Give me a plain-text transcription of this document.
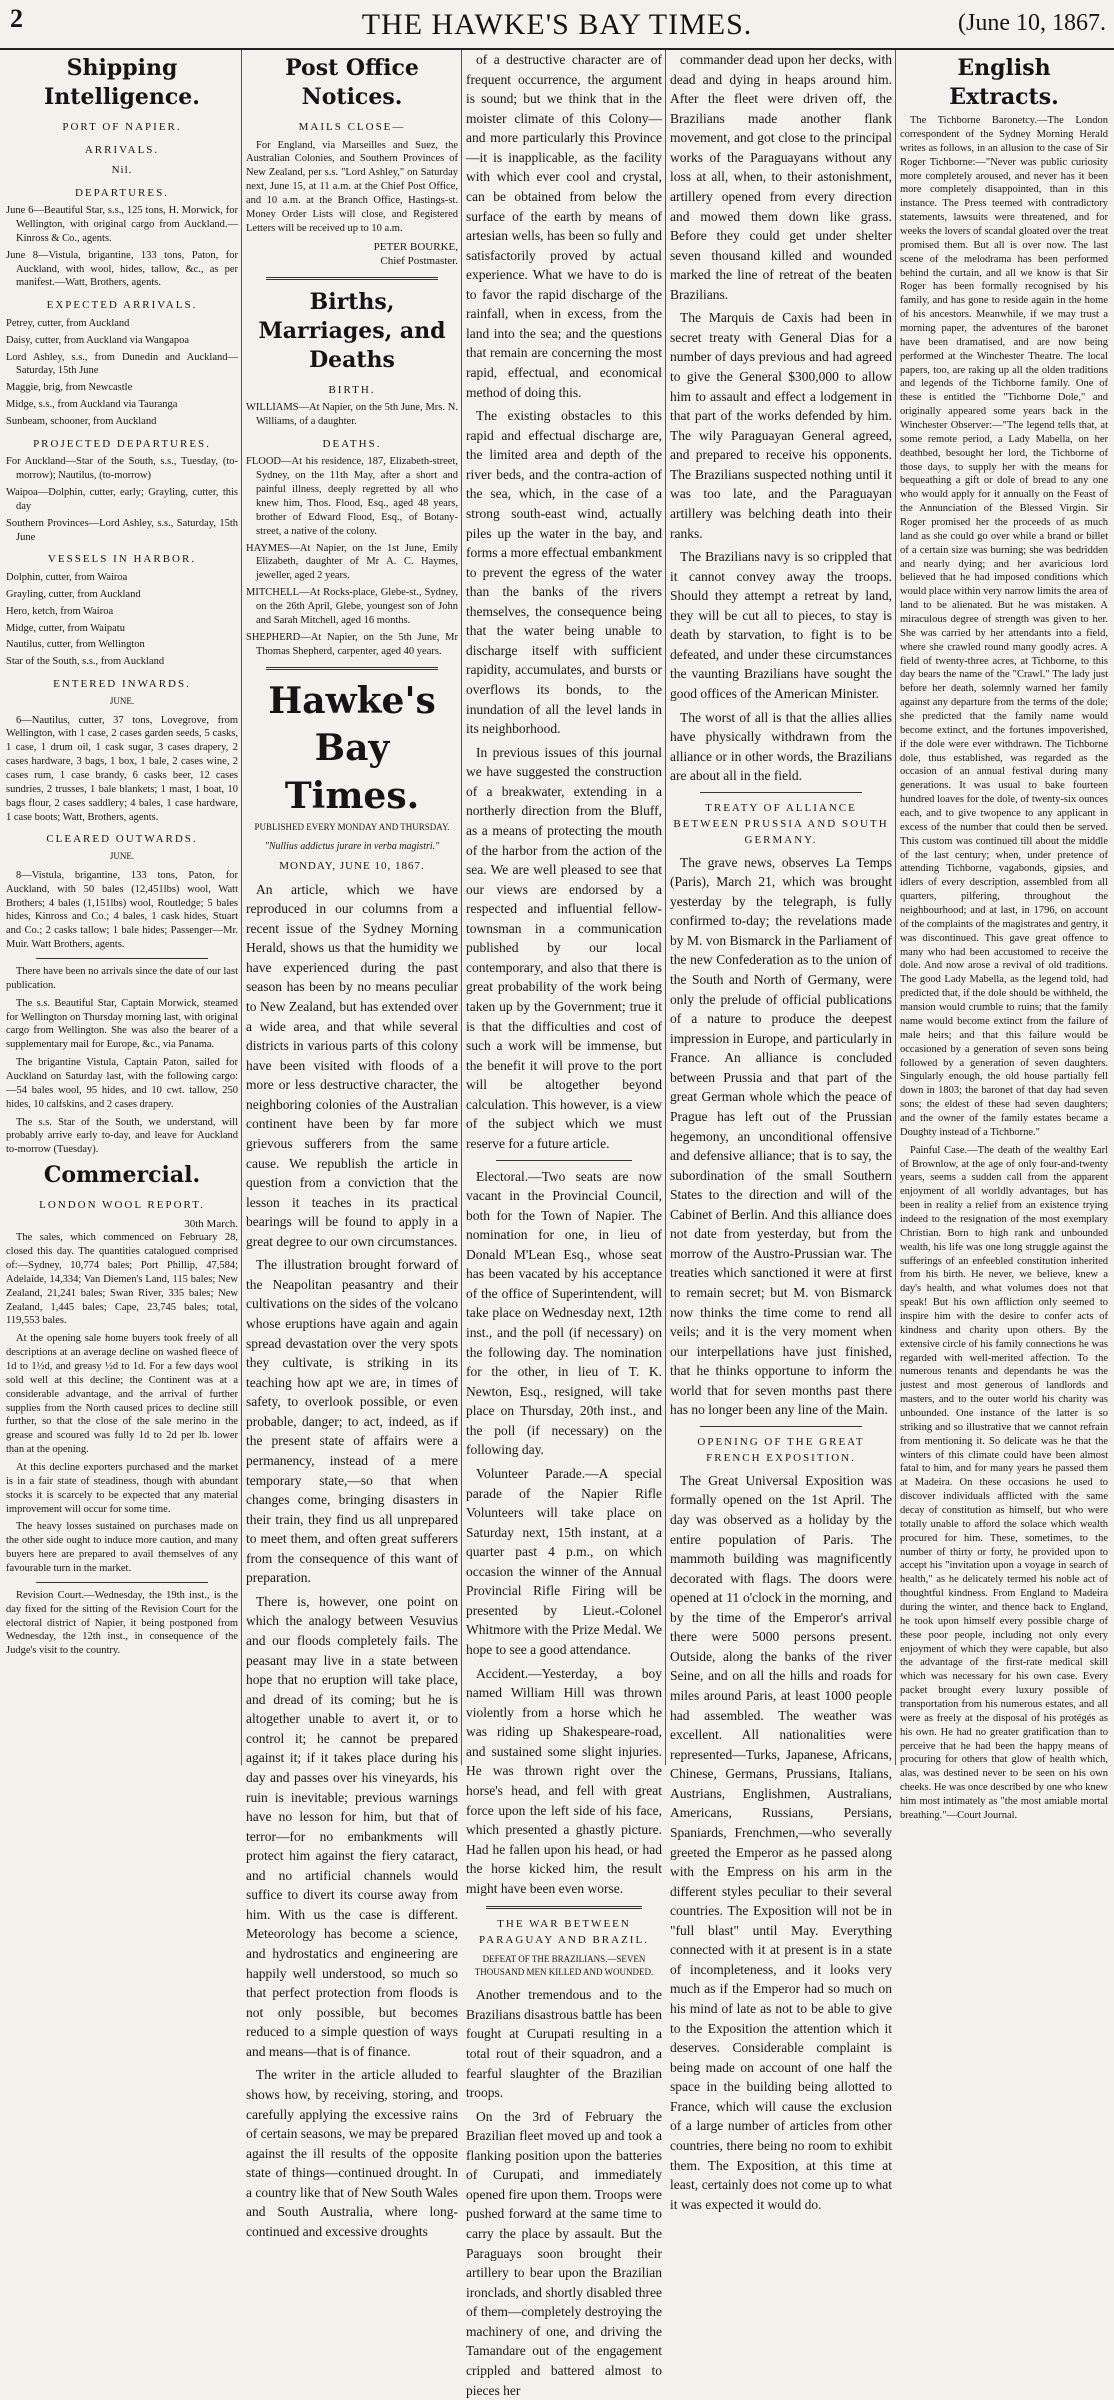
2	THE HAWKE'S BAY TIMES.	(June 10, 1867.
Shipping Intelligence.
PORT OF NAPIER.
ARRIVALS.
Nil.
DEPARTURES.

June 6—Beautiful Star, s.s., 125 tons, H. Morwick, for Wellington, with original cargo from Auckland.—Kinross & Co., agents.

June 8—Vistula, brigantine, 133 tons, Paton, for Auckland, with wool, hides, tallow, &c., as per manifest.—Watt, Brothers, agents.

EXPECTED ARRIVALS.

Petrey, cutter, from Auckland

Daisy, cutter, from Auckland via Wangapoa

Lord Ashley, s.s., from Dunedin and Auckland—Saturday, 15th June

Maggie, brig, from Newcastle

Midge, s.s., from Auckland via Tauranga

Sunbeam, schooner, from Auckland

PROJECTED DEPARTURES.

For Auckland—Star of the South, s.s., Tuesday, (to-morrow); Nautilus, (to-morrow)

Waipoa—Dolphin, cutter, early; Grayling, cutter, this day

Southern Provinces—Lord Ashley, s.s., Saturday, 15th June

VESSELS IN HARBOR.

Dolphin, cutter, from Wairoa

Grayling, cutter, from Auckland

Hero, ketch, from Wairoa

Midge, cutter, from Waipatu

Nautilus, cutter, from Wellington

Star of the South, s.s., from Auckland

ENTERED INWARDS.
JUNE.

6—Nautilus, cutter, 37 tons, Lovegrove, from Wellington, with 1 case, 2 cases garden seeds, 5 casks, 1 case, 1 drum oil, 1 cask sugar, 3 cases drapery, 2 cases hardware, 3 bags, 1 box, 1 bale, 2 cases wine, 2 cases rum, 1 case brandy, 6 casks beer, 12 cases sundries, 2 trusses, 1 bale blankets; 1 mast, 1 boat, 10 bags flour, 2 cases saddlery; 4 bales, 1 case hardware, 1 case boots; Watt, Brothers, agents.

CLEARED OUTWARDS.
JUNE.

8—Vistula, brigantine, 133 tons, Paton, for Auckland, with 50 bales (12,451lbs) wool, Watt Brothers; 4 bales (1,151lbs) wool, Routledge; 5 bales hides, Kinross and Co.; 4 bales, 1 cask hides, Stuart and Co.; 2 casks tallow; 1 bale hides; Passenger—Mr. Muir. Watt Brothers, agents.

There have been no arrivals since the date of our last publication.

The s.s. Beautiful Star, Captain Morwick, steamed for Wellington on Thursday morning last, with original cargo from Wellington. She was also the bearer of a supplementary mail for Europe, &c., via Panama.

The brigantine Vistula, Captain Paton, sailed for Auckland on Saturday last, with the following cargo:—54 bales wool, 95 hides, and 10 cwt. tallow, 250 hides, 10 calfskins, and 2 cases drapery.

The s.s. Star of the South, we understand, will probably arrive early to-day, and leave for Auckland to-morrow (Tuesday).

Commercial.
LONDON WOOL REPORT.
30th March.

The sales, which commenced on February 28, closed this day. The quantities catalogued comprised of:—Sydney, 10,774 bales; Port Phillip, 47,584; Adelaide, 14,334; Van Diemen's Land, 115 bales; New Zealand, 21,241 bales; Swan River, 335 bales; New Zealand, 1,445 bales; Cape, 23,745 bales; total, 119,553 bales.

At the opening sale home buyers took freely of all descriptions at an average decline on washed fleece of 1d to 1½d, and greasy ½d to 1d. For a few days wool sold well at this decline; the Continent was at a considerable advantage, and the arrival of further supplies from the North caused prices to decline still further, so that the close of the sale merino in the grease and scoured was fully 1d to 2d per lb. lower than at the opening.

At this decline exporters purchased and the market is in a fair state of steadiness, though with abundant stocks it is scarcely to be expected that any material improvement will occur for some time.

The heavy losses sustained on purchases made on the other side ought to induce more caution, and many buyers here are prepared to avail themselves of any favourable turn in the market.

Revision Court.—Wednesday, the 19th inst., is the day fixed for the sitting of the Revision Court for the electoral district of Napier, it being postponed from Wednesday, the 12th inst., in consequence of the Judge's visit to the country.

Post Office Notices.
MAILS CLOSE—

For England, via Marseilles and Suez, the Australian Colonies, and Southern Provinces of New Zealand, per s.s. "Lord Ashley," on Saturday next, June 15, at 11 a.m. at the Chief Post Office, and 10 a.m. at the Branch Office, Hastings-st. Money Order Lists will close, and Registered Letters will be received up to 10 a.m.

PETER BOURKE,
Chief Postmaster.
Births, Marriages, and Deaths
BIRTH.

WILLIAMS—At Napier, on the 5th June, Mrs. N. Williams, of a daughter.

DEATHS.

FLOOD—At his residence, 187, Elizabeth-street, Sydney, on the 11th May, after a short and painful illness, deeply regretted by all who knew him, Thos. Flood, Esq., aged 48 years, brother of Edward Flood, Esq., of Botany-street, a native of the colony.

HAYMES—At Napier, on the 1st June, Emily Elizabeth, daughter of Mr A. C. Haymes, jeweller, aged 2 years.

MITCHELL—At Rocks-place, Glebe-st., Sydney, on the 26th April, Glebe, youngest son of John and Sarah Mitchell, aged 16 months.

SHEPHERD—At Napier, on the 5th June, Mr Thomas Shepherd, carpenter, aged 40 years.

Hawke's Bay Times.
PUBLISHED EVERY MONDAY AND THURSDAY.
"Nullius addictus jurare in verba magistri."
MONDAY, JUNE 10, 1867.

An article, which we have reproduced in our columns from a recent issue of the Sydney Morning Herald, shows us that the humidity we have experienced during the past season has been by no means peculiar to New Zealand, but has extended over a wide area, and that while several districts in various parts of this colony have been visited with floods of a more or less destructive character, the neighboring colonies of the Australian continent have been by far more grievous sufferers from the same cause. We republish the article in question from a conviction that the lesson it teaches in its practical bearings will be found to apply in a great degree to our own circumstances.

The illustration brought forward of the Neapolitan peasantry and their cultivations on the sides of the volcano whose eruptions have again and again spread devastation over the very spots they cultivate, is striking in its teaching how apt we are, in times of safety, to overlook possible, or even probable, danger; to act, indeed, as if the present state of affairs were a permanency, instead of a mere temporary state,—so that when changes come, bringing disasters in their train, they find us all unprepared to meet them, and often great sufferers from the consequence of this want of preparation.

There is, however, one point on which the analogy between Vesuvius and our floods completely fails. The peasant may live in a state between hope that no eruption will take place, and dread of its coming; but he is altogether unable to avert it, or to control it; he cannot be prepared against it; if it takes place during his day and passes over his vineyards, his ruin is inevitable; previous warnings have no lesson for him, but that of terror—for no embankments will protect him against the fiery cataract, and no artificial channels would suffice to divert its course away from him. With us the case is different. Meteorology has become a science, and hydrostatics and engineering are happily well understood, so much so that perfect protection from floods is not only possible, but becomes reduced to a simple question of ways and means—that is of finance.

The writer in the article alluded to shows how, by receiving, storing, and carefully applying the excessive rains of certain seasons, we may be prepared against the ill results of the opposite state of things—continued drought. In a country like that of New South Wales and South Australia, where long-continued and excessive droughts

of a destructive character are of frequent occurrence, the argument is sound; but we think that in the moister climate of this Colony—and more particularly this Province—it is inapplicable, as the facility with which ever cool and crystal, can be obtained from below the surface of the earth by means of artesian wells, has been so fully and satisfactorily proved by actual experience. What we have to do is to favor the rapid discharge of the rainfall, when in excess, from the land into the sea; and the questions that remain are concerning the most rapid, effectual, and economical method of doing this.

The existing obstacles to this rapid and effectual discharge are, the limited area and depth of the river beds, and the contra-action of the sea, which, in the case of a strong south-east wind, actually piles up the water in the bay, and forms a more effectual embankment to prevent the egress of the water than the banks of the rivers themselves, the consequence being that the water being unable to discharge itself with sufficient rapidity, accumulates, and bursts or overflows its bonds, to the inundation of all the level lands in its neighborhood.

In previous issues of this journal we have suggested the construction of a breakwater, extending in a northerly direction from the Bluff, as a means of protecting the mouth of the harbor from the action of the sea. We are well pleased to see that our views are endorsed by a respected and influential fellow-townsman in a communication published by our local contemporary, and also that there is great probability of the work being taken up by the Government; true it is that the difficulties and cost of such a work will be immense, but the benefit it will prove to the port will be altogether beyond calculation. This however, is a view of the subject which we must reserve for a future article.

Electoral.—Two seats are now vacant in the Provincial Council, both for the Town of Napier. The nomination for one, in lieu of Donald M'Lean Esq., whose seat has been vacated by his acceptance of the office of Superintendent, will take place on Wednesday next, 12th inst., and the poll (if necessary) on the following day. The nomination for the other, in lieu of T. K. Newton, Esq., resigned, will take place on Thursday, 20th inst., and the poll (if necessary) on the following day.

Volunteer Parade.—A special parade of the Napier Rifle Volunteers will take place on Saturday next, 15th instant, at a quarter past 4 p.m., on which occasion the winner of the Annual Provincial Rifle Firing will be presented by Lieut.-Colonel Whitmore with the Prize Medal. We hope to see a good attendance.

Accident.—Yesterday, a boy named William Hill was thrown violently from a horse which he was riding up Shakespeare-road, and sustained some slight injuries. He was thrown right over the horse's head, and fell with great force upon the left side of his face, which presented a ghastly picture. Had he fallen upon his head, or had the horse kicked him, the result might have been even worse.

THE WAR BETWEEN PARAGUAY AND BRAZIL.
DEFEAT OF THE BRAZILIANS.—SEVEN THOUSAND MEN KILLED AND WOUNDED.

Another tremendous and to the Brazilians disastrous battle has been fought at Curupati resulting in a total rout of their squadron, and a fearful slaughter of the Brazilian troops.

On the 3rd of February the Brazilian fleet moved up and took a flanking position upon the batteries of Curupati, and immediately opened fire upon them. Troops were pushed forward at the same time to carry the place by assault. But the Paraguays soon brought their artillery to bear upon the Brazilian ironclads, and shortly disabled three of them—completely destroying the machinery of one, and driving the Tamandare out of the engagement crippled and battered almost to pieces her

commander dead upon her decks, with dead and dying in heaps around him. After the fleet were driven off, the Brazilians made another flank movement, and got close to the principal works of the Paraguayans without any loss at all, when, to their astonishment, artillery opened from every direction and mowed them down like grass. Before they could get under shelter seven thousand killed and wounded marked the line of retreat of the beaten Brazilians.

The Marquis de Caxis had been in secret treaty with General Dias for a number of days previous and had agreed to give the General $300,000 to allow him to assault and effect a lodgement in that part of the works defended by him. The wily Paraguayan General agreed, and prepared to receive his opponents. The Brazilians suspected nothing until it was too late, and the Paraguayan artillery was belching death into their ranks.

The Brazilians navy is so crippled that it cannot convey away the troops. Should they attempt a retreat by land, they will be cut all to pieces, to stay is death by starvation, to fight is to be defeated, and under these circumstances the vaunting Brazilians have sought the good offices of the American Minister.

The worst of all is that the allies allies have physically withdrawn from the alliance or in other words, the Brazilians are about all in the field.

TREATY OF ALLIANCE BETWEEN PRUSSIA AND SOUTH GERMANY.

The grave news, observes La Temps (Paris), March 21, which was brought yesterday by the telegraph, is fully confirmed to-day; the revelations made by M. von Bismarck in the Parliament of the new Confederation as to the union of the South and North of Germany, were only the prelude of official publications of a nature to produce the deepest impression in Europe, and particularly in France. An alliance is concluded between Prussia and that part of the great German whole which the peace of Prague has left out of the Prussian hegemony, an unconditional offensive and defensive alliance; that is to say, the subordination of the small Southern States to the direction and will of the Cabinet of Berlin. And this alliance does not date from yesterday, but from the morrow of the Austro-Prussian war. The treaties which sanctioned it were at first to remain secret; but M. von Bismarck now thinks the time come to rend all veils; and it is the very moment when our interpellations have just finished, that he thinks opportune to inform the world that for seven months past there has no longer been any line of the Main.

OPENING OF THE GREAT FRENCH EXPOSITION.

The Great Universal Exposition was formally opened on the 1st April. The day was observed as a holiday by the entire population of Paris. The mammoth building was magnificently decorated with flags. The doors were opened at 11 o'clock in the morning, and by the time of the Emperor's arrival there were 5000 persons present. Outside, along the banks of the river Seine, and on all the hills and roads for miles around Paris, at least 1000 people had assembled. The weather was excellent. All nationalities were represented—Turks, Japanese, Africans, Chinese, Germans, Prussians, Italians, Austrians, Englishmen, Australians, Americans, Russians, Persians, Spaniards, Frenchmen,—who severally greeted the Emperor as he passed along with the Empress on his arm in the different styles peculiar to their several countries. The Exposition will not be in "full blast" until May. Everything connected with it at present is in a state of incompleteness, and it looks very much as if the Emperor had so much on his mind of late as not to be able to give to the Exposition the attention which it deserves. Considerable complaint is being made on account of one half the space in the building being allotted to France, which will cause the exclusion of a large number of articles from other countries, there being no room to exhibit them. The Exposition, at this time at least, certainly does not come up to what it was expected it would do.

English Extracts.

The Tichborne Baronetcy.—The London correspondent of the Sydney Morning Herald writes as follows, in an allusion to the case of Sir Roger Tichborne:—"Never was public curiosity more completely aroused, and never has it been more completely disappointed, than in this instance. The Press teemed with contradictory statements, lawsuits were threatened, and for weeks the lovers of scandal gloated over the treat promised them. But all is over now. The last scene of the melodrama has been performed behind the curtain, and all we know is that Sir Roger has been formally recognised by his family, and has gone to reside again in the home of his ancestors. Meanwhile, if we may trust a morning paper, the adventures of the baronet have been dramatised, and are now being performed at the Winchester Theatre. The local papers, too, are raking up all the olden traditions and legends of the Tichborne family. One of these is entitled the "Tichborne Dole," and originally appeared some years back in the Winchester Observer:—"The legend tells that, at some remote period, a Lady Mabella, on her deathbed, besought her lord, the Tichborne of those days, to supply her with the means for bequeathing a gift or dole of bread to any one who would apply for it annually on the Feast of the Annunciation of the Blessed Virgin. Sir Roger promised her the proceeds of as much land as she could go over while a brand or billet of a certain size was burning; she was bedridden and nearly dying; and her avaricious lord believed that he had imposed conditions which would place within very narrow limits the area of land to be alienated. But he was mistaken. A miraculous degree of strength was given to her. She was carried by her attendants into a field, where she crawled round many goodly acres. A field of twenty-three acres, at Tichborne, to this day bears the name of the "Crawl." The lady just before her death, solemnly warned her family against any departure from the terms of the dole; she predicted that the family name would become extinct, and the fortunes impoverished, if the dole were ever withdrawn. The Tichborne dole, thus established, was regarded as the occasion of an annual festival during many generations. It was usual to bake fourteen hundred loaves for the dole, of twenty-six ounces each, and to give twopence to any applicant in excess of the number that could then be served. This custom was continued till about the middle of the last century; when, under pretence of attending Tichborne, vagabonds, gipsies, and idlers of every description, assembled from all quarters, pilfering, throughout the neighbourhood; and at last, in 1796, on account of the complaints of the magistrates and gentry, it was discontinued. This gave great offence to many who had been accustomed to receive the dole. And now arose a revival of old traditions. The good Lady Mabella, as the legend told, had predicted that, if the dole should be withheld, the mansion would crumble to ruins; that the family name would become extinct from the failure of male heirs; and that this failure would be occasioned by a generation of seven sons being followed by a generation of seven daughters. Singularly enough, the old house partially fell down in 1803; the baronet of that day had seven sons; the eldest of these had seven daughters; and the owner of the family estates became a Doughty instead of a Tichborne."

Painful Case.—The death of the wealthy Earl of Brownlow, at the age of only four-and-twenty years, seems a sudden call from the apparent enjoyment of all worldly advantages, but has been in reality a relief from an existence trying indeed to the resignation of the most exemplary Christian. Born to high rank and unbounded wealth, his life was one long struggle against the sufferings of an enfeebled constitution inherited from his birth. He never, we believe, knew a day's health, and what volumes does not that speak! But his own affliction only seemed to inspire him with the desire to confer acts of kindness and charity upon others. By the extensive circle of his family connections he was regarded with well-merited affection. To the numerous tenants and dependants he was the justest and most generous of landlords and masters, and to the outer world his charity was unbounded. One instance of the latter is so striking and so illustrative that we cannot refrain from mentioning it. So delicate was he that the winters of this climate could have been almost fatal to him, and for many years he passed them at Madeira. On these occasions he used to discover individuals afflicted with the same decay of constitution as himself, but who were totally unable to afford the solace which wealth procured for him. These, sometimes, to the number of thirty or forty, he provided upon to accept his "invitation upon a voyage in search of health," as he delicately termed his noble act of thoughtful kindness. From England to Madeira during the winter, and thence back to England, he took upon himself every possible charge of these poor people, including not only every enjoyment of which they were capable, but also the advantage of the first-rate medical skill which was necessary for his own case. Every packet brought every luxury possible of transportation from his numerous estates, and all were as freely at the disposal of his protégés as his own. He had no greater gratification than to perceive that he had been the happy means of procuring for others that glow of health which, alas, was destined never to be seen on his own cheeks. He was once described by one who knew him most intimately as "the most amiable mortal breathing."—Court Journal.
